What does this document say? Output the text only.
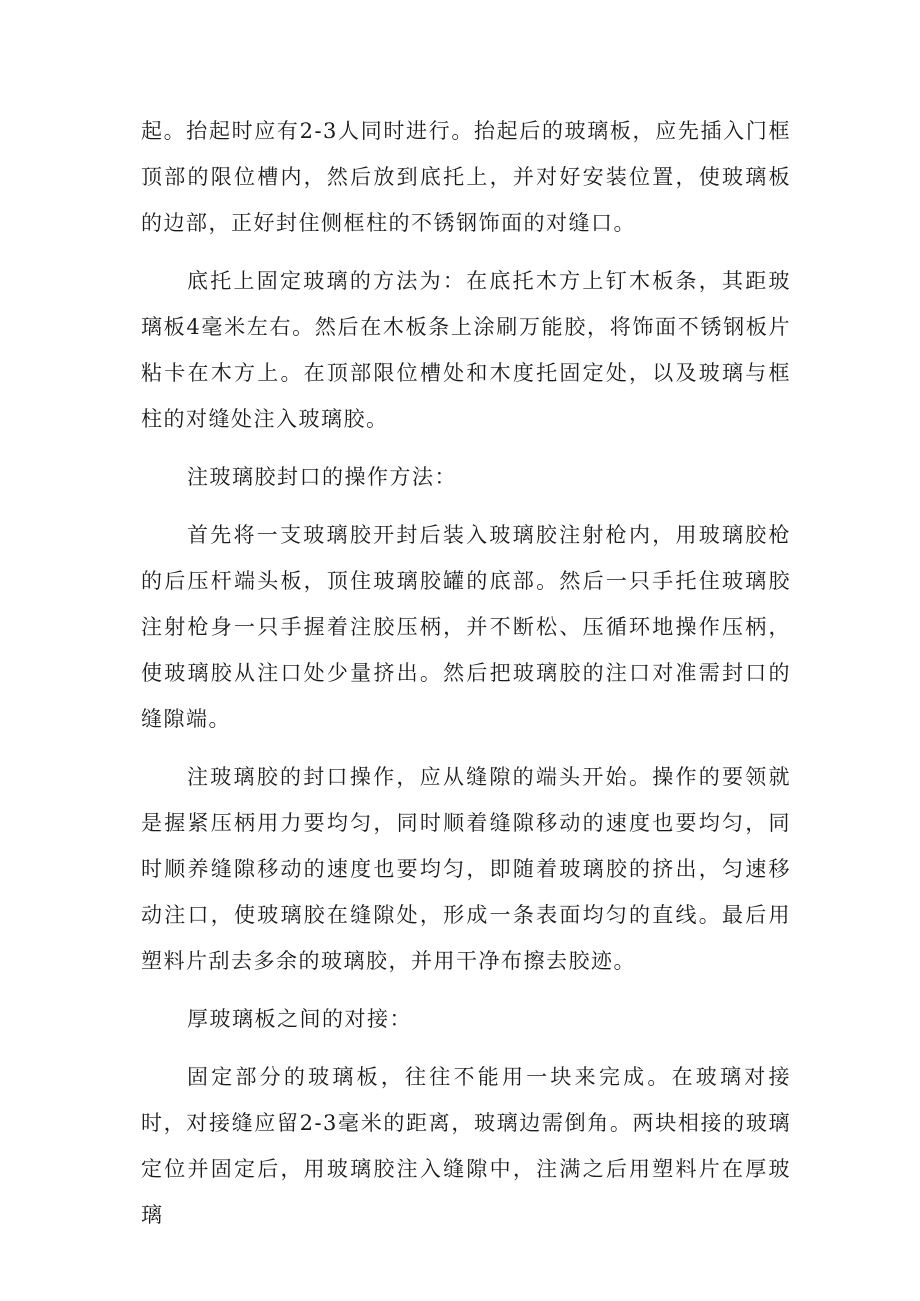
起。抬起时应有2-3人同时进行。抬起后的玻璃板，应先插入门框顶部的限位槽内，然后放到底托上，并对好安装位置，使玻璃板的边部，正好封住侧框柱的不锈钢饰面的对缝口。

底托上固定玻璃的方法为：在底托木方上钉木板条，其距玻璃板4毫米左右。然后在木板条上涂刷万能胶，将饰面不锈钢板片粘卡在木方上。在顶部限位槽处和木度托固定处，以及玻璃与框柱的对缝处注入玻璃胶。

注玻璃胶封口的操作方法：

首先将一支玻璃胶开封后装入玻璃胶注射枪内，用玻璃胶枪的后压杆端头板，顶住玻璃胶罐的底部。然后一只手托住玻璃胶注射枪身一只手握着注胶压柄，并不断松、压循环地操作压柄，使玻璃胶从注口处少量挤出。然后把玻璃胶的注口对准需封口的缝隙端。

注玻璃胶的封口操作，应从缝隙的端头开始。操作的要领就是握紧压柄用力要均匀，同时顺着缝隙移动的速度也要均匀，同时顺养缝隙移动的速度也要均匀，即随着玻璃胶的挤出，匀速移动注口，使玻璃胶在缝隙处，形成一条表面均匀的直线。最后用塑料片刮去多余的玻璃胶，并用干净布擦去胶迹。

厚玻璃板之间的对接：

固定部分的玻璃板，往往不能用一块来完成。在玻璃对接时，对接缝应留2-3毫米的距离，玻璃边需倒角。两块相接的玻璃定位并固定后，用玻璃胶注入缝隙中，注满之后用塑料片在厚玻璃
